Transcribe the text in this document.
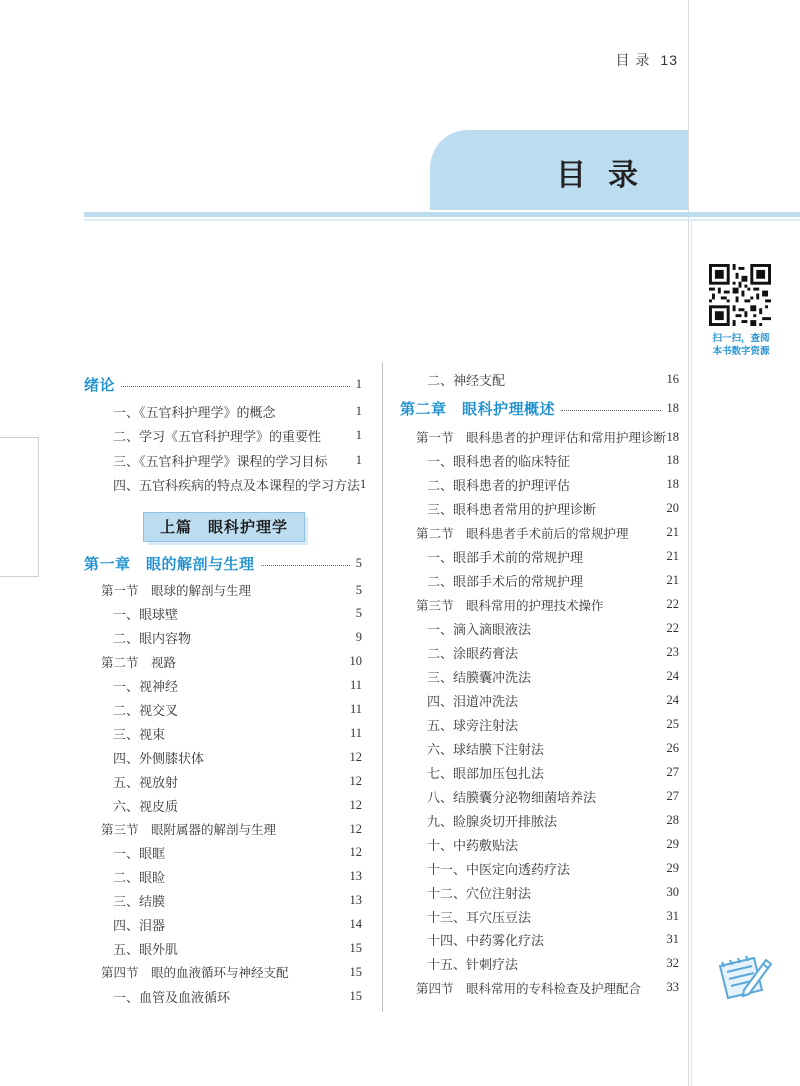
目 录 13
目录
扫一扫，查阅
本书数字资源
绪论	1
一、《五官科护理学》的概念	1
二、学习《五官科护理学》的重要性	1
三、《五官科护理学》课程的学习目标 1
四、五官科疾病的特点及本课程的学习方法 1
上篇　眼科护理学
第一章　眼的解剖与生理	5
第一节　眼球的解剖与生理	5
一、眼球壁	5
二、眼内容物	9
第二节　视路	10
一、视神经	11
二、视交叉	11
三、视束	11
四、外侧膝状体	12
五、视放射	12
六、视皮质	12
第三节　眼附属器的解剖与生理	12
一、眼眶	12
二、眼睑	13
三、结膜	13
四、泪器	14
五、眼外肌	15
第四节　眼的血液循环与神经支配	15
一、血管及血液循环	15
二、神经支配	16
第二章　眼科护理概述	18
第一节　眼科患者的护理评估和常用护理诊断 18
一、眼科患者的临床特征	18
二、眼科患者的护理评估	18
三、眼科患者常用的护理诊断	20
第二节　眼科患者手术前后的常规护理	21
一、眼部手术前的常规护理	21
二、眼部手术后的常规护理	21
第三节　眼科常用的护理技术操作	22
一、滴入滴眼液法	22
二、涂眼药膏法	23
三、结膜囊冲洗法	24
四、泪道冲洗法	24
五、球旁注射法	25
六、球结膜下注射法	26
七、眼部加压包扎法	27
八、结膜囊分泌物细菌培养法	27
九、睑腺炎切开排脓法	28
十、中药敷贴法	29
十一、中医定向透药疗法	29
十二、穴位注射法	30
十三、耳穴压豆法	31
十四、中药雾化疗法	31
十五、针刺疗法	32
第四节　眼科常用的专科检查及护理配合 33
